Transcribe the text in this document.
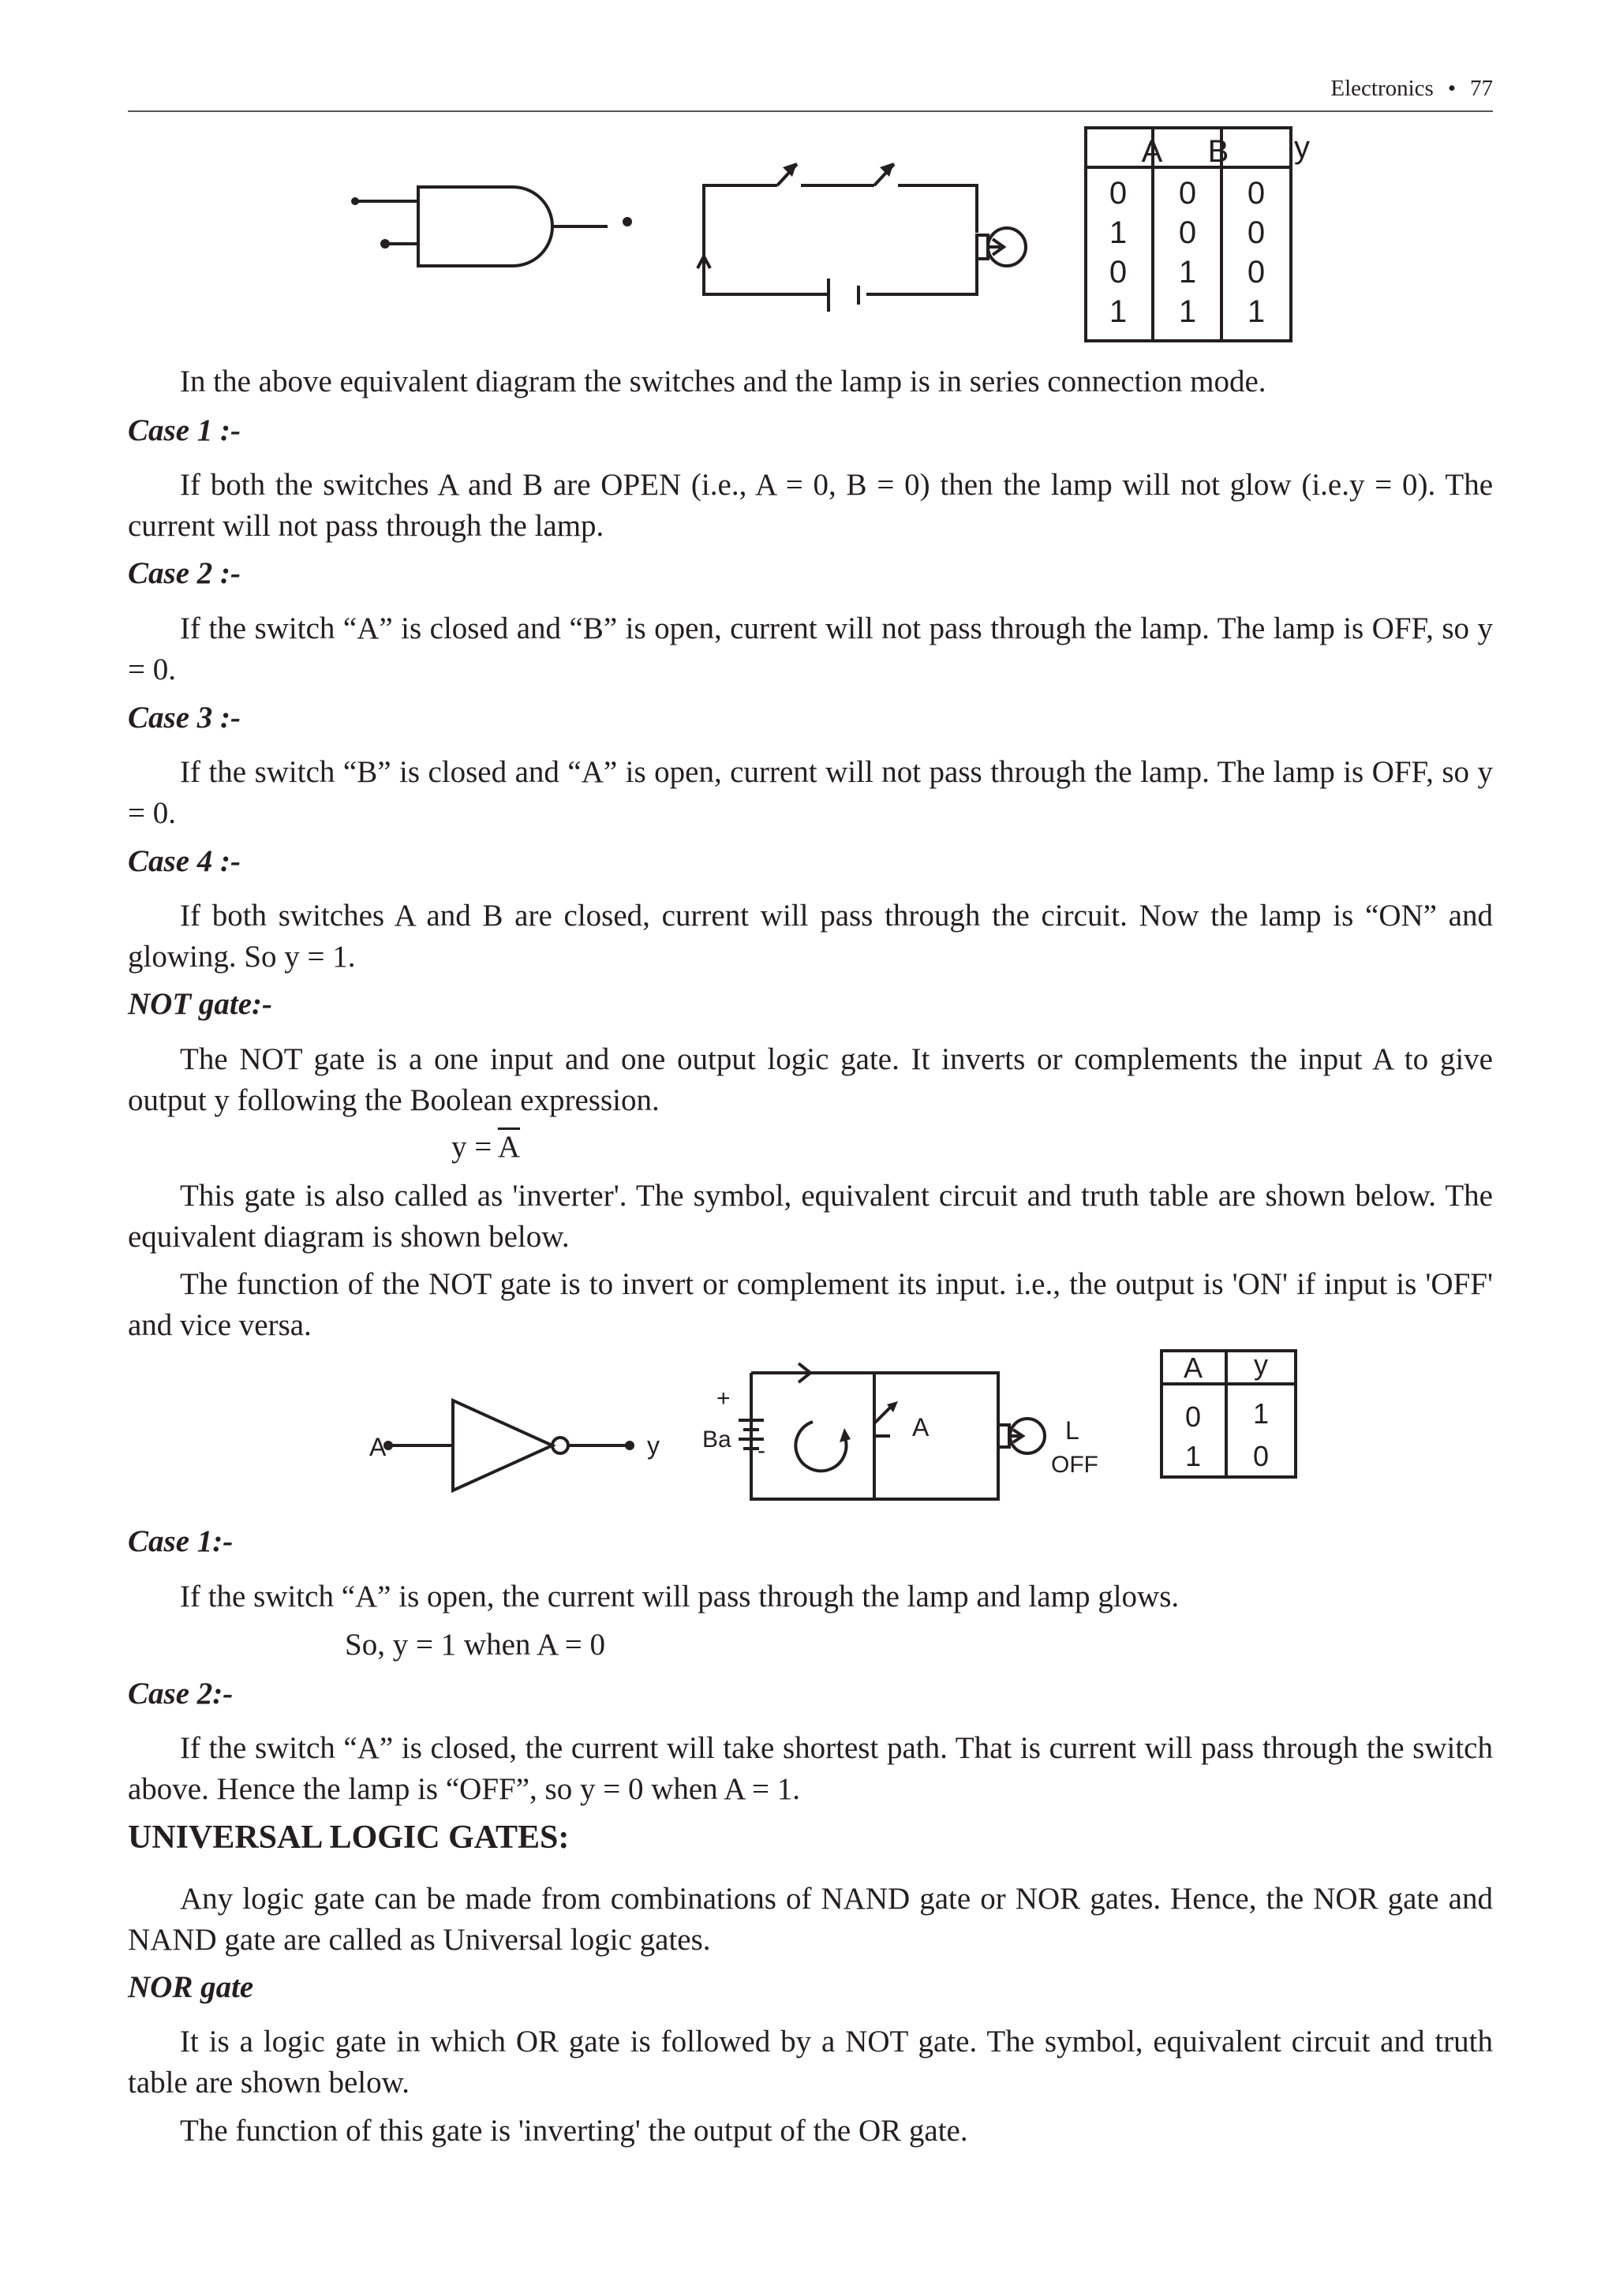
Electronics • 77
A B y
0 0 0
1 0 0
0 1 0
1 1 1

In the above equivalent diagram the switches and the lamp is in series connection mode.

Case 1 :-

If both the switches A and B are OPEN (i.e., A = 0, B = 0) then the lamp will not glow (i.e.y = 0). The current will not pass through the lamp.

Case 2 :-

If the switch “A” is closed and “B” is open, current will not pass through the lamp. The lamp is OFF, so y = 0.

Case 3 :-

If the switch “B” is closed and “A” is open, current will not pass through the lamp. The lamp is OFF, so y = 0.

Case 4 :-

If both switches A and B are closed, current will pass through the circuit. Now the lamp is “ON” and glowing. So y = 1.

NOT gate:-

The NOT gate is a one input and one output logic gate. It inverts or complements the input A to give output y following the Boolean expression.

$y = \overline{A}$

This gate is also called as 'inverter'. The symbol, equivalent circuit and truth table are shown below. The equivalent diagram is shown below.

The function of the NOT gate is to invert or complement its input. i.e., the output is 'ON' if input is 'OFF' and vice versa.

A	y
+
-
Ba	A	L
OFF
A y
0 1
1 0

Case 1:-

If the switch “A” is open, the current will pass through the lamp and lamp glows.

So, y = 1 when A = 0

Case 2:-

If the switch “A” is closed, the current will take shortest path. That is current will pass through the switch above. Hence the lamp is “OFF”, so y = 0 when A = 1.

UNIVERSAL LOGIC GATES:

Any logic gate can be made from combinations of NAND gate or NOR gates. Hence, the NOR gate and NAND gate are called as Universal logic gates.

NOR gate

It is a logic gate in which OR gate is followed by a NOT gate. The symbol, equivalent circuit and truth table are shown below.

The function of this gate is 'inverting' the output of the OR gate.
